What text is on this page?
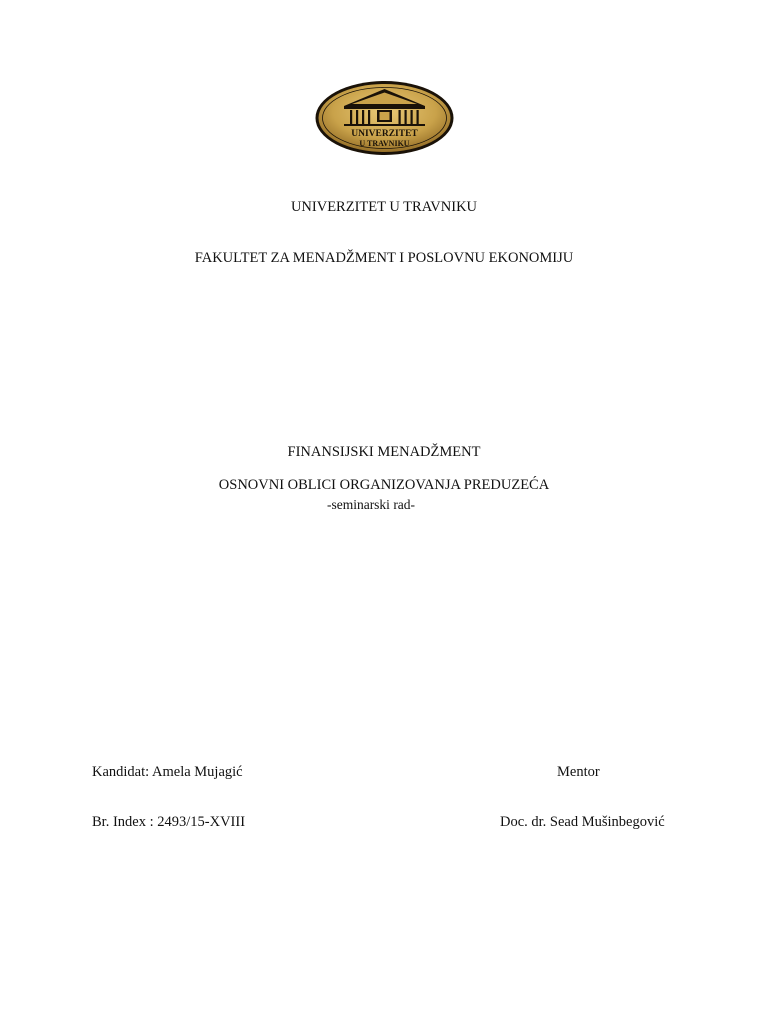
UNIVERZITET
U TRAVNIKU
UNIVERZITET U TRAVNIKU
FAKULTET ZA MENADŽMENT I POSLOVNU EKONOMIJU
FINANSIJSKI MENADŽMENT
OSNOVNI OBLICI ORGANIZOVANJA PREDUZEĆA
-seminarski rad-
Kandidat: Amela Mujagić	Mentor
Br. Index : 2493/15-XVIII	Doc. dr. Sead Mušinbegović
